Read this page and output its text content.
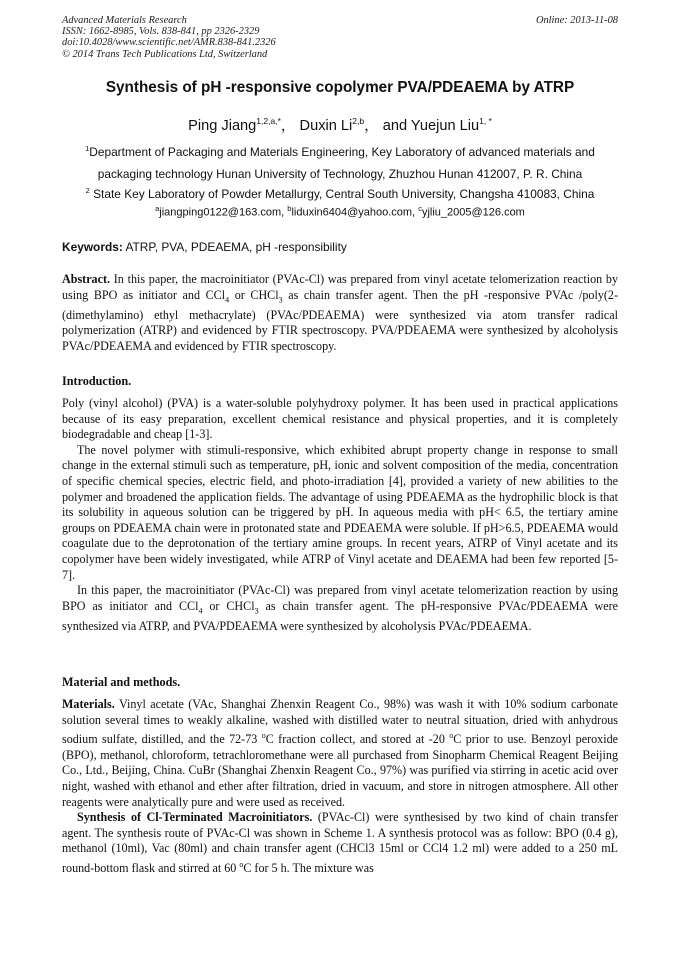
Advanced Materials Research
ISSN: 1662-8985, Vols. 838-841, pp 2326-2329
doi:10.4028/www.scientific.net/AMR.838-841.2326
© 2014 Trans Tech Publications Ltd, Switzerland
Online: 2013-11-08
Synthesis of pH -responsive copolymer PVA/PDEAEMA by ATRP
Ping Jiang$^{1,2,a,*}$， Duxin Li$^{2,b}$， and Yuejun Liu$^{1, *}$
$^1$Department of Packaging and Materials Engineering, Key Laboratory of advanced materials and
packaging technology Hunan University of Technology, Zhuzhou Hunan 412007, P. R. China
$^2$ State Key Laboratory of Powder Metallurgy, Central South University, Changsha 410083, China
$^a$jiangping0122@163.com, $^b$liduxin6404@yahoo.com, $^c$yjliu_2005@126.com
Keywords: ATRP, PVA, PDEAEMA, pH -responsibility

Abstract. In this paper, the macroinitiator (PVAc-Cl) was prepared from vinyl acetate telomerization reaction by using BPO as initiator and CCl$_4$ or CHCl$_3$ as chain transfer agent. Then the pH -responsive PVAc /poly(2-(dimethylamino) ethyl methacrylate) (PVAc/PDEAEMA) were synthesized via atom transfer radical polymerization (ATRP) and evidenced by FTIR spectroscopy. PVA/PDEAEMA were synthesized by alcoholysis PVAc/PDEAEMA and evidenced by FTIR spectroscopy.

Introduction.

Poly (vinyl alcohol) (PVA) is a water-soluble polyhydroxy polymer. It has been used in practical applications because of its easy preparation, excellent chemical resistance and physical properties, and it is completely biodegradable and cheap [1-3].

The novel polymer with stimuli-responsive, which exhibited abrupt property change in response to small change in the external stimuli such as temperature, pH, ionic and solvent composition of the media, concentration of specific chemical species, electric field, and photo-irradiation [4], provided a variety of new abilities to the polymer and broadened the application fields. The advantage of using PDEAEMA as the hydrophilic block is that its solubility in aqueous solution can be triggered by pH. In aqueous media with pH< 6.5, the tertiary amine groups on PDEAEMA chain were in protonated state and PDEAEMA were soluble. If pH>6.5, PDEAEMA would coagulate due to the deprotonation of the tertiary amine groups. In recent years, ATRP of Vinyl acetate and its copolymer have been widely investigated, while ATRP of Vinyl acetate and DEAEMA had been few reported [5-7].

In this paper, the macroinitiator (PVAc-Cl) was prepared from vinyl acetate telomerization reaction by using BPO as initiator and CCl$_4$ or CHCl$_3$ as chain transfer agent. The pH-responsive PVAc/PDEAEMA were synthesized via ATRP, and PVA/PDEAEMA were synthesized by alcoholysis PVAc/PDEAEMA.

Material and methods.

Materials. Vinyl acetate (VAc, Shanghai Zhenxin Reagent Co., 98%) was wash it with 10% sodium carbonate solution several times to weakly alkaline, washed with distilled water to neutral situation, dried with anhydrous sodium sulfate, distilled, and the 72-73 $^o$C fraction collect, and stored at -20 $^o$C prior to use. Benzoyl peroxide (BPO), methanol, chloroform, tetrachloromethane were all purchased from Sinopharm Chemical Reagent Beijing Co., Ltd., Beijing, China. CuBr (Shanghai Zhenxin Reagent Co., 97%) was purified via stirring in acetic acid over night, washed with ethanol and ether after filtration, dried in vacuum, and store in nitrogen atmosphere. All other reagents were analytically pure and were used as received.

Synthesis of Cl-Terminated Macroinitiators. (PVAc-Cl) were synthesised by two kind of chain transfer agent. The synthesis route of PVAc-Cl was shown in Scheme 1. A synthesis protocol was as follow: BPO (0.4 g), methanol (10ml), Vac (80ml) and chain transfer agent (CHCl3 15ml or CCl4 1.2 ml) were added to a 250 mL round-bottom flask and stirred at 60 $^o$C for 5 h. The mixture was
